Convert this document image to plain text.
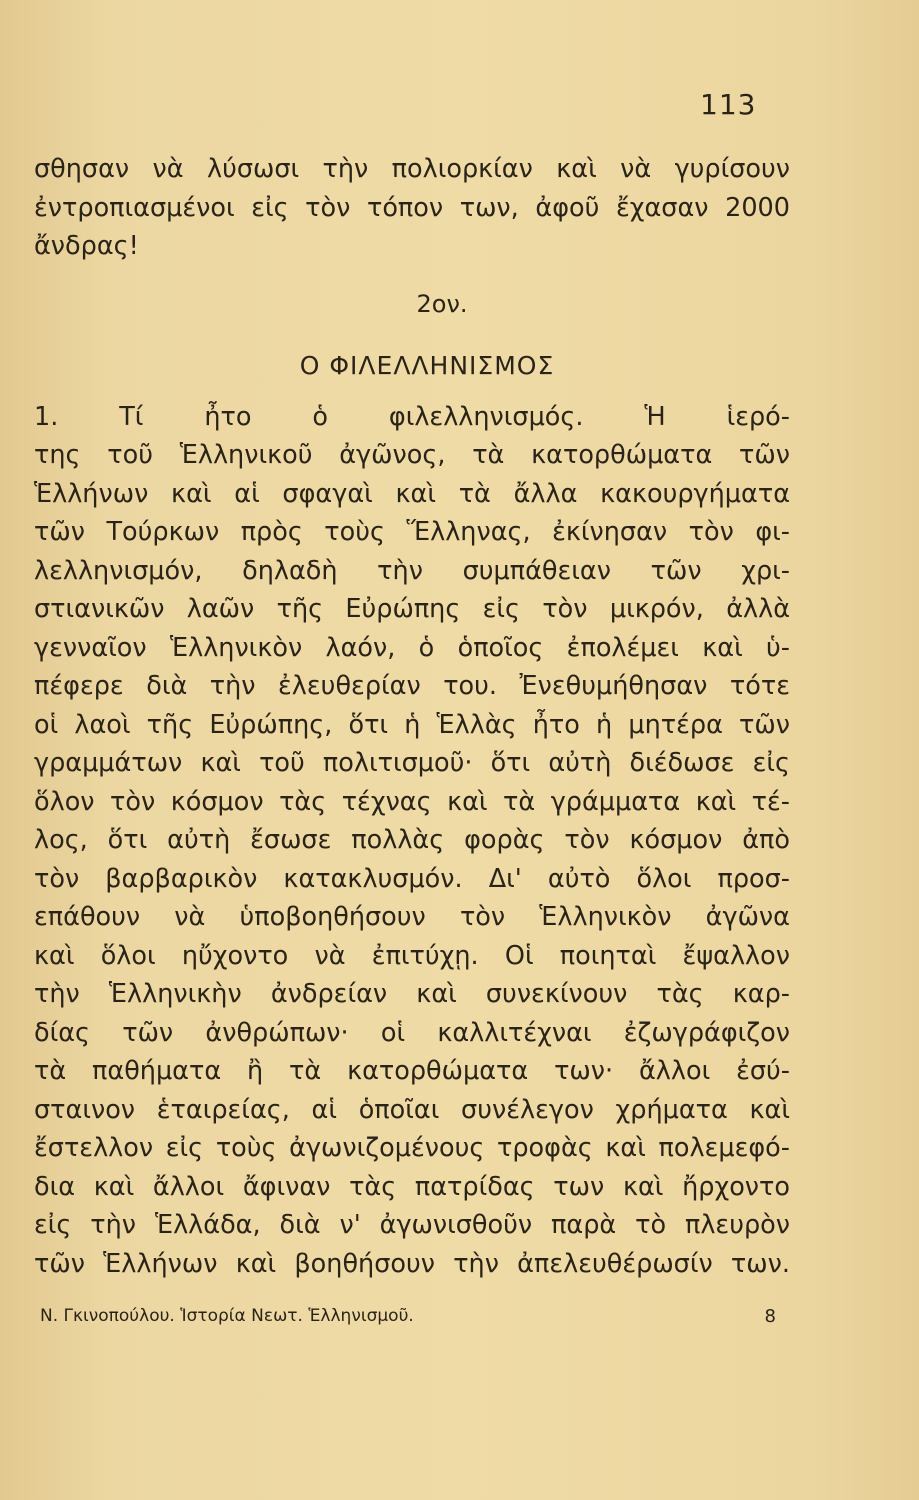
113
σθησαν νὰ λύσωσι τὴν πολιορκίαν καὶ νὰ γυρίσουν
ἐντροπιασμένοι εἰς τὸν τόπον των, ἀφοῦ ἔχασαν 2000
ἄνδρας!
2ον.
Ο ΦΙΛΕΛΛΗΝΙΣΜΟΣ
1. Τί ἦτο ὁ φιλελληνισμός. Ἡ ἱερό-
της τοῦ Ἑλληνικοῦ ἀγῶνος, τὰ κατορθώματα τῶν
Ἑλλήνων καὶ αἱ σφαγαὶ καὶ τὰ ἄλλα κακουργήματα
τῶν Τούρκων πρὸς τοὺς Ἕλληνας, ἐκίνησαν τὸν φι-
λελληνισμόν, δηλαδὴ τὴν συμπάθειαν τῶν χρι-
στιανικῶν λαῶν τῆς Εὐρώπης εἰς τὸν μικρόν, ἀλλὰ
γενναῖον Ἑλληνικὸν λαόν, ὁ ὁποῖος ἐπολέμει καὶ ὑ-
πέφερε διὰ τὴν ἐλευθερίαν του. Ἐνεθυμήθησαν τότε
οἱ λαοὶ τῆς Εὐρώπης, ὅτι ἡ Ἑλλὰς ἦτο ἡ μητέρα τῶν
γραμμάτων καὶ τοῦ πολιτισμοῦ· ὅτι αὐτὴ διέδωσε εἰς
ὅλον τὸν κόσμον τὰς τέχνας καὶ τὰ γράμματα καὶ τέ-
λος, ὅτι αὐτὴ ἔσωσε πολλὰς φορὰς τὸν κόσμον ἀπὸ
τὸν βαρβαρικὸν κατακλυσμόν. Δι' αὐτὸ ὅλοι προσ-
επάθουν νὰ ὑποβοηθήσουν τὸν Ἑλληνικὸν ἀγῶνα
καὶ ὅλοι ηὔχοντο νὰ ἐπιτύχῃ. Οἱ ποιηταὶ ἔψαλλον
τὴν Ἑλληνικὴν ἀνδρείαν καὶ συνεκίνουν τὰς καρ-
δίας τῶν ἀνθρώπων· οἱ καλλιτέχναι ἐζωγράφιζον
τὰ παθήματα ἢ τὰ κατορθώματα των· ἄλλοι ἐσύ-
σταινον ἑταιρείας, αἱ ὁποῖαι συνέλεγον χρήματα καὶ
ἔστελλον εἰς τοὺς ἀγωνιζομένους τροφὰς καὶ πολεμεφό-
δια καὶ ἄλλοι ἄφιναν τὰς πατρίδας των καὶ ἤρχοντο
εἰς τὴν Ἑλλάδα, διὰ ν' ἀγωνισθοῦν παρὰ τὸ πλευρὸν
τῶν Ἑλλήνων καὶ βοηθήσουν τὴν ἀπελευθέρωσίν των.
Ν. Γκινοπούλου. Ἱστορία Νεωτ. Ἑλληνισμοῦ.	8
